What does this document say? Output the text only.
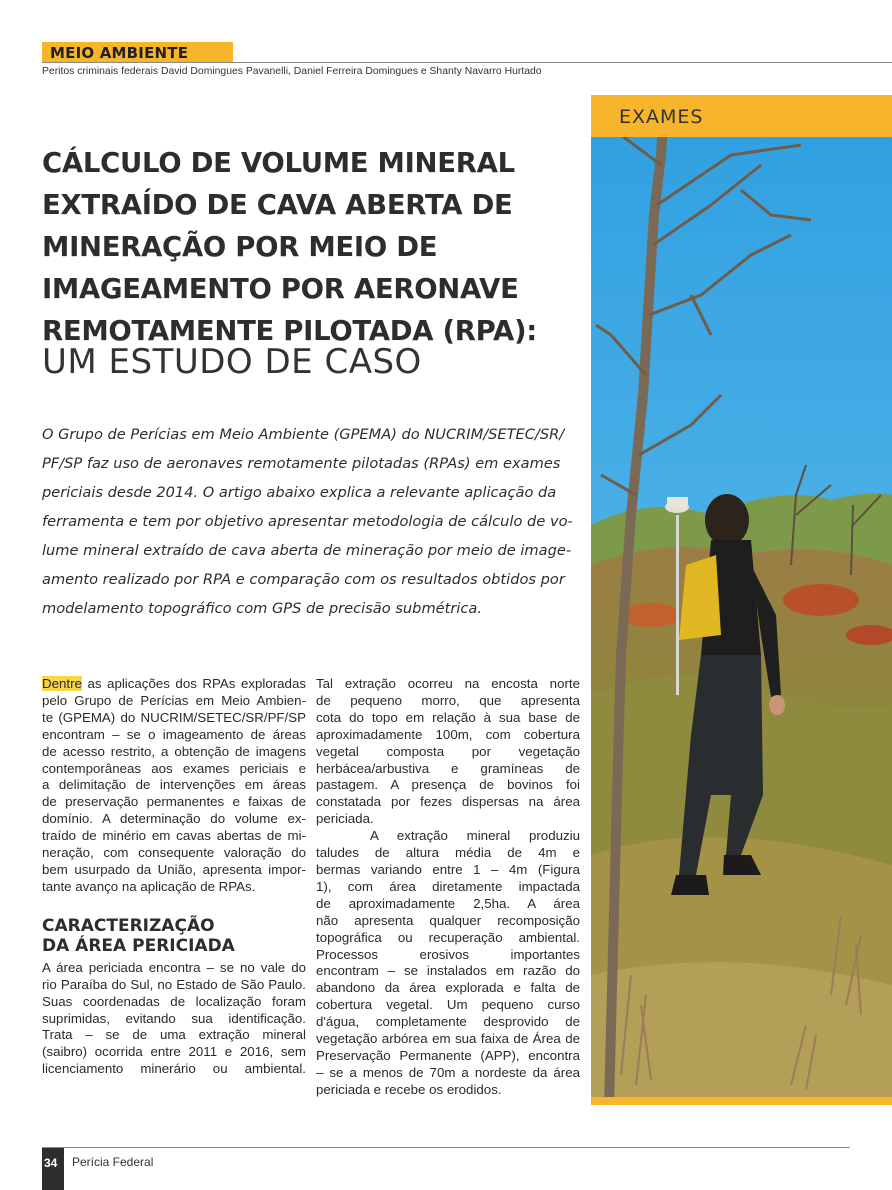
MEIO AMBIENTE
Peritos criminais federais David Domingues Pavanelli, Daniel Ferreira Domingues e Shanty Navarro Hurtado
EXAMES
CÁLCULO DE VOLUME MINERAL
EXTRAÍDO DE CAVA ABERTA DE
MINERAÇÃO POR MEIO DE
IMAGEAMENTO POR AERONAVE
REMOTAMENTE PILOTADA (RPA):
UM ESTUDO DE CASO
O Grupo de Perícias em Meio Ambiente (GPEMA) do NUCRIM/SETEC/SR/
PF/SP faz uso de aeronaves remotamente pilotadas (RPAs) em exames
periciais desde 2014. O artigo abaixo explica a relevante aplicação da
ferramenta e tem por objetivo apresentar metodologia de cálculo de vo-
lume mineral extraído de cava aberta de mineração por meio de image-
amento realizado por RPA e comparação com os resultados obtidos por
modelamento topográfico com GPS de precisão submétrica.
Dentre as aplicações dos RPAs exploradas
pelo Grupo de Perícias em Meio Ambien-
te (GPEMA) do NUCRIM/SETEC/SR/PF/SP
encontram – se o imageamento de áreas
de acesso restrito, a obtenção de imagens
contemporâneas aos exames periciais e
a delimitação de intervenções em áreas
de preservação permanentes e faixas de
domínio. A determinação do volume ex-
traído de minério em cavas abertas de mi-
neração, com consequente valoração do
bem usurpado da União, apresenta impor-
tante avanço na aplicação de RPAs.
CARACTERIZAÇÃO
DA ÁREA PERICIADA
A área periciada encontra – se no vale do
rio Paraíba do Sul, no Estado de São Paulo.
Suas coordenadas de localização foram
suprimidas, evitando sua identificação.
Trata – se de uma extração mineral
(saibro) ocorrida entre 2011 e 2016, sem
licenciamento minerário ou ambiental.
Tal extração ocorreu na encosta norte
de pequeno morro, que apresenta
cota do topo em relação à sua base de
aproximadamente 100m, com cobertura
vegetal composta por vegetação
herbácea/arbustiva e gramíneas de
pastagem. A presença de bovinos foi
constatada por fezes dispersas na área
periciada.
A extração mineral produziu
taludes de altura média de 4m e
bermas variando entre 1 – 4m (Figura
1), com área diretamente impactada
de aproximadamente 2,5ha. A área
não apresenta qualquer recomposição
topográfica ou recuperação ambiental.
Processos erosivos importantes
encontram – se instalados em razão do
abandono da área explorada e falta de
cobertura vegetal. Um pequeno curso
d'água, completamente desprovido de
vegetação arbórea em sua faixa de Área de
Preservação Permanente (APP), encontra
– se a menos de 70m a nordeste da área
periciada e recebe os erodidos.
34 Perícia Federal
